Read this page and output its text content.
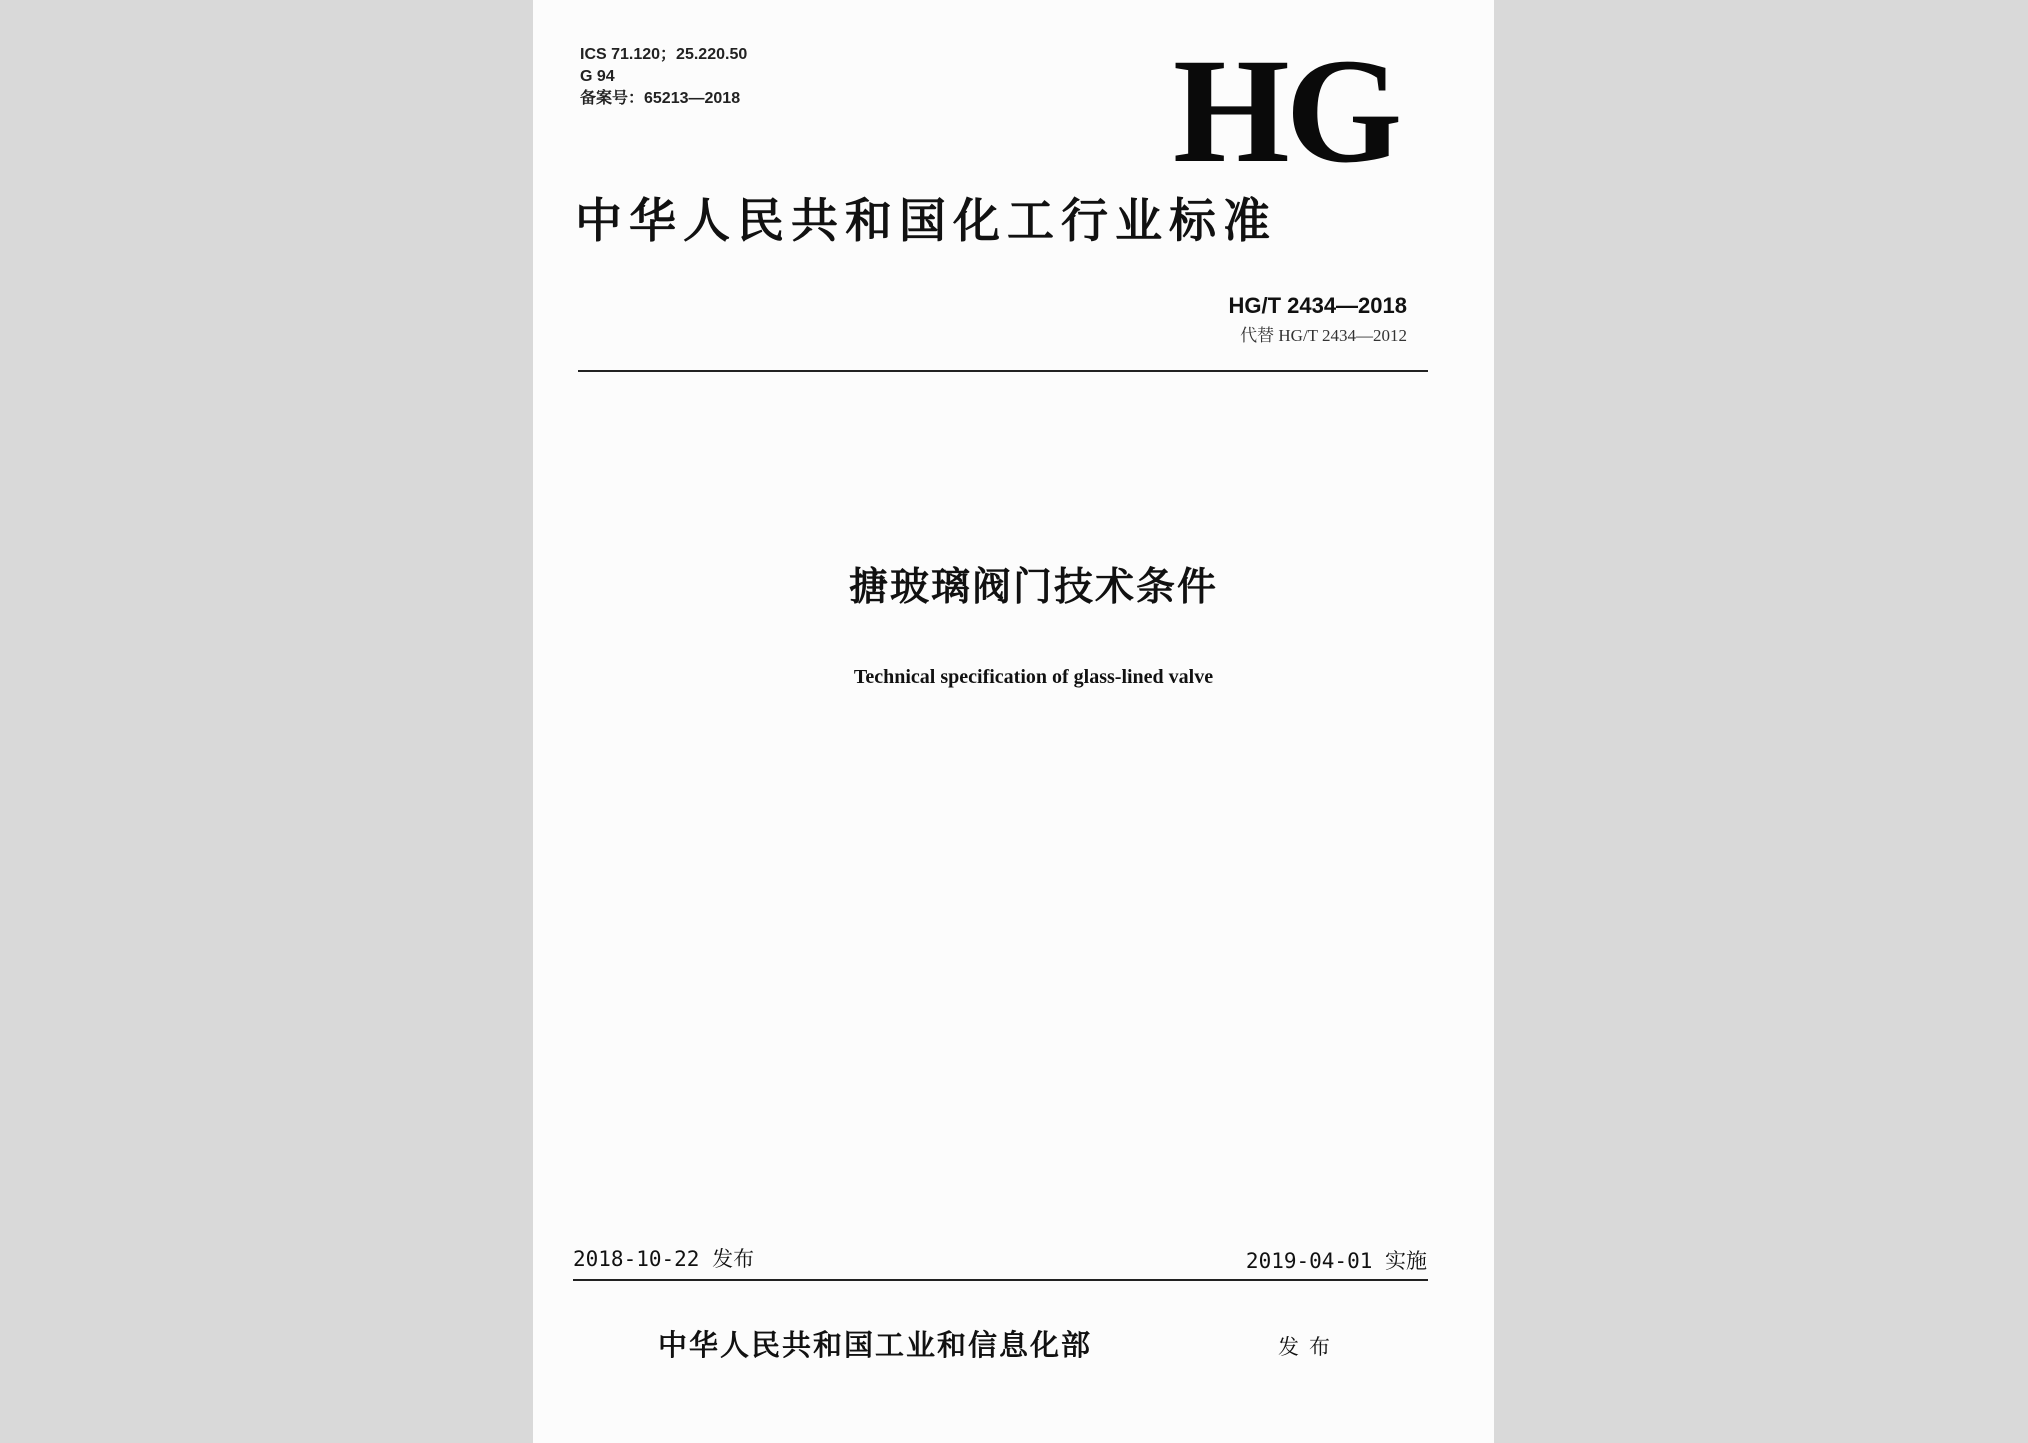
ICS 71.120；25.220.50
G 94
备案号：65213—2018	HG
中华人民共和国化工行业标准
HG/T 2434—2018
代替 HG/T 2434—2012
搪玻璃阀门技术条件
Technical specification of glass-lined valve
2018-10-22 发布	2019-04-01 实施
中华人民共和国工业和信息化部	发布
